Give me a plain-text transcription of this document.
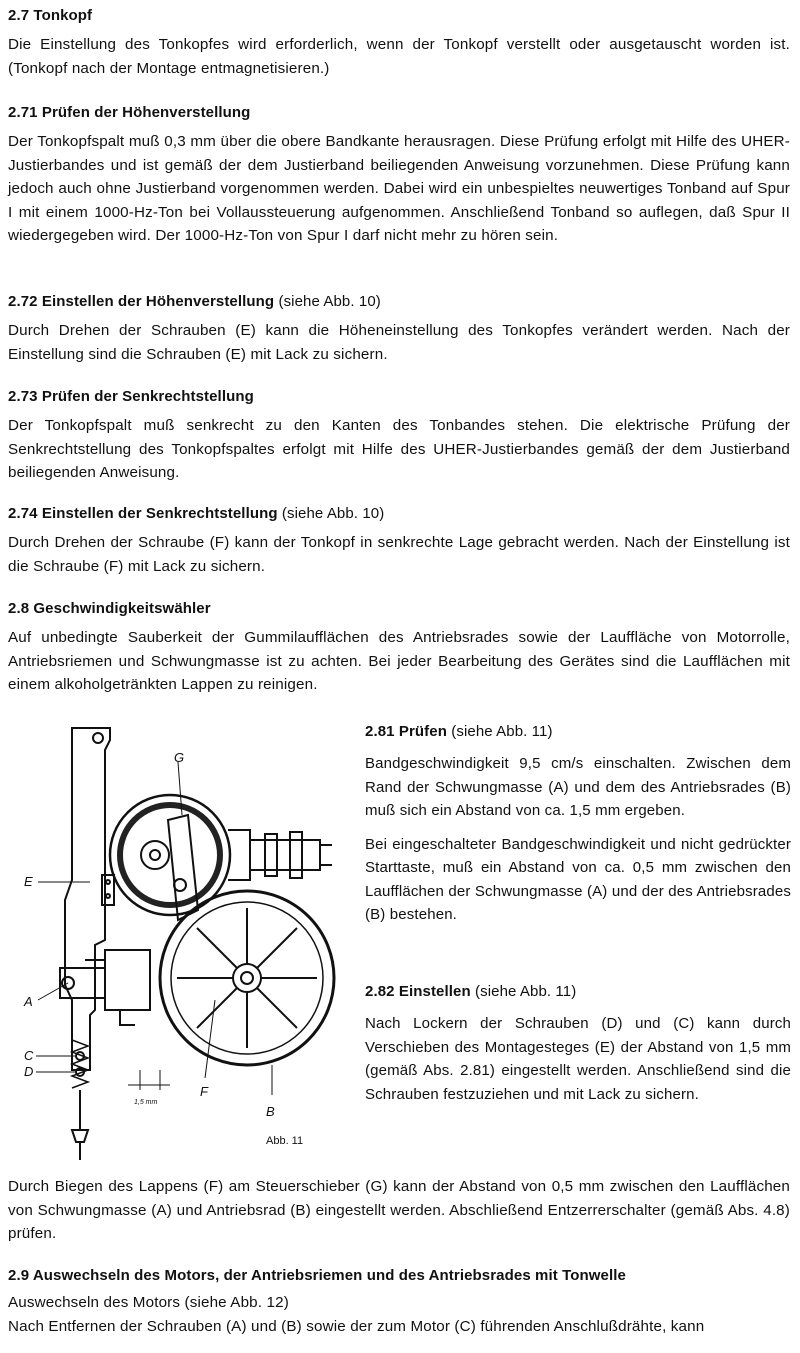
2.7 Tonkopf

Die Einstellung des Tonkopfes wird erforderlich, wenn der Tonkopf verstellt oder ausgetauscht worden ist. (Tonkopf nach der Montage entmagnetisieren.)

2.71 Prüfen der Höhenverstellung

Der Tonkopfspalt muß 0,3 mm über die obere Bandkante herausragen. Diese Prüfung erfolgt mit Hilfe des UHER-Justierbandes und ist gemäß der dem Justierband beiliegenden Anweisung vorzunehmen. Diese Prüfung kann jedoch auch ohne Justierband vorgenommen werden. Dabei wird ein unbespieltes neuwertiges Tonband auf Spur I mit einem 1000-Hz-Ton bei Vollaussteuerung aufgenommen. Anschließend Tonband so auflegen, daß Spur II wiedergegeben wird. Der 1000-Hz-Ton von Spur I darf nicht mehr zu hören sein.

2.72 Einstellen der Höhenverstellung (siehe Abb. 10)

Durch Drehen der Schrauben (E) kann die Höheneinstellung des Tonkopfes verändert werden. Nach der Einstellung sind die Schrauben (E) mit Lack zu sichern.

2.73 Prüfen der Senkrechtstellung

Der Tonkopfspalt muß senkrecht zu den Kanten des Tonbandes stehen. Die elektrische Prüfung der Senkrechtstellung des Tonkopfspaltes erfolgt mit Hilfe des UHER-Justierbandes gemäß der dem Justierband beiliegenden Anweisung.

2.74 Einstellen der Senkrechtstellung (siehe Abb. 10)

Durch Drehen der Schraube (F) kann der Tonkopf in senkrechte Lage gebracht werden. Nach der Einstellung ist die Schraube (F) mit Lack zu sichern.

2.8 Geschwindigkeitswähler

Auf unbedingte Sauberkeit der Gummilaufflächen des Antriebsrades sowie der Lauffläche von Motorrolle, Antriebsriemen und Schwungmasse ist zu achten. Bei jeder Bearbeitung des Gerätes sind die Laufflächen mit einem alkoholgetränkten Lappen zu reinigen.

G
E
A
C
D
F
B
1,5 mm
Abb. 11
2.81 Prüfen (siehe Abb. 11)

Bandgeschwindigkeit 9,5 cm/s einschalten. Zwischen dem Rand der Schwungmasse (A) und dem des Antriebsrades (B) muß sich ein Abstand von ca. 1,5 mm ergeben.

Bei eingeschalteter Bandgeschwindigkeit und nicht gedrückter Starttaste, muß ein Abstand von ca. 0,5 mm zwischen den Laufflächen der Schwungmasse (A) und der des Antriebsrades (B) bestehen.

2.82 Einstellen (siehe Abb. 11)

Nach Lockern der Schrauben (D) und (C) kann durch Verschieben des Montagesteges (E) der Abstand von 1,5 mm (gemäß Abs. 2.81) eingestellt werden. Anschließend sind die Schrauben festzuziehen und mit Lack zu sichern.

Durch Biegen des Lappens (F) am Steuerschieber (G) kann der Abstand von 0,5 mm zwischen den Laufflächen von Schwungmasse (A) und Antriebsrad (B) eingestellt werden. Abschließend Entzerrerschalter (gemäß Abs. 4.8) prüfen.

2.9 Auswechseln des Motors, der Antriebsriemen und des Antriebsrades mit Tonwelle

Auswechseln des Motors (siehe Abb. 12)

Nach Entfernen der Schrauben (A) und (B) sowie der zum Motor (C) führenden Anschlußdrähte, kann
